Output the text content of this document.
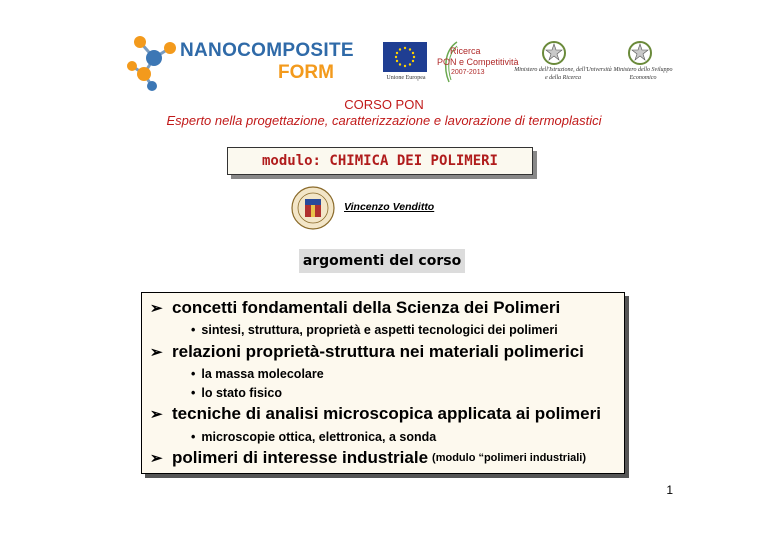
NANOCOMPOSITE
FORM	Unione Europea
Ricerca
PON e Competitività
2007-2013	Ministero dell'Istruzione, dell'Università e della Ricerca
Ministero dello Sviluppo Economico
CORSO PON
Esperto nella progettazione, caratterizzazione e lavorazione di termoplastici
modulo: CHIMICA DEI POLIMERI
Vincenzo Venditto
argomenti del corso
➢ concetti fondamentali della Scienza dei Polimeri
• sintesi, struttura, proprietà e aspetti tecnologici dei polimeri
➢ relazioni proprietà-struttura nei materiali polimerici
• la massa molecolare
• lo stato fisico
➢ tecniche di analisi microscopica applicata ai polimeri
• microscopie ottica, elettronica, a sonda
➢ polimeri di interesse industriale (modulo “polimeri industriali)
1
